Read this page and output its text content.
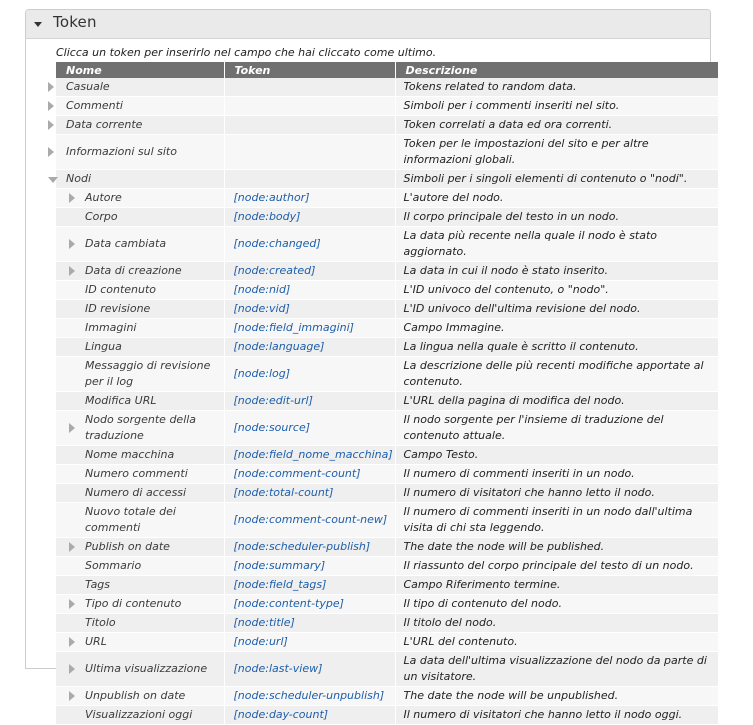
Token
Clicca un token per inserirlo nel campo che hai cliccato come ultimo.
Nome	Token	Descrizione

Casuale		Tokens related to random data.

Commenti		Simboli per i commenti inseriti nel sito.

Data corrente		Token correlati a data ed ora correnti.

Informazioni sul sito		Token per le impostazioni del sito e per altre informazioni globali.

Nodi		Simboli per i singoli elementi di contenuto o "nodi".

Autore	[node:author]	L'autore del nodo.

Corpo	[node:body]	Il corpo principale del testo in un nodo.

Data cambiata	[node:changed]	La data più recente nella quale il nodo è stato aggiornato.

Data di creazione	[node:created]	La data in cui il nodo è stato inserito.

ID contenuto	[node:nid]	L'ID univoco del contenuto, o "nodo".

ID revisione	[node:vid]	L'ID univoco dell'ultima revisione del nodo.

Immagini	[node:field_immagini]	Campo Immagine.

Lingua	[node:language]	La lingua nella quale è scritto il contenuto.

Messaggio di revisione per il log	[node:log]	La descrizione delle più recenti modifiche apportate al contenuto.

Modifica URL	[node:edit-url]	L'URL della pagina di modifica del nodo.

Nodo sorgente della traduzione	[node:source]	Il nodo sorgente per l'insieme di traduzione del contenuto attuale.

Nome macchina	[node:field_nome_macchina]	Campo Testo.

Numero commenti	[node:comment-count]	Il numero di commenti inseriti in un nodo.

Numero di accessi	[node:total-count]	Il numero di visitatori che hanno letto il nodo.

Nuovo totale dei commenti	[node:comment-count-new]	Il numero di commenti inseriti in un nodo dall'ultima visita di chi sta leggendo.

Publish on date	[node:scheduler-publish]	The date the node will be published.

Sommario	[node:summary]	Il riassunto del corpo principale del testo di un nodo.

Tags	[node:field_tags]	Campo Riferimento termine.

Tipo di contenuto	[node:content-type]	Il tipo di contenuto del nodo.

Titolo	[node:title]	Il titolo del nodo.

URL	[node:url]	L'URL del contenuto.

Ultima visualizzazione	[node:last-view]	La data dell'ultima visualizzazione del nodo da parte di un visitatore.

Unpublish on date	[node:scheduler-unpublish]	The date the node will be unpublished.

Visualizzazioni oggi	[node:day-count]	Il numero di visitatori che hanno letto il nodo oggi.
